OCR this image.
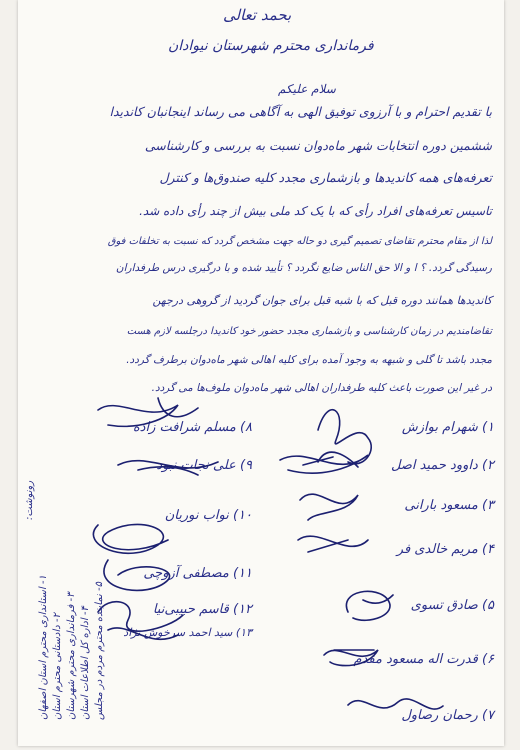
بحمد تعالی
فرمانداری محترم شهرستان نیوادان
سلام علیکم
با تقدیم احترام و با آرزوی توفیق الهی به آگاهی می رساند اینجانبان کاندیدا
ششمین دوره انتخابات شهر ماه‌دوان نسبت به بررسی و کارشناسی
تعرفه‌های همه کاندیدها و بازشماری مجدد کلیه صندوق‌ها و کنترل
تاسیس تعرفه‌های افراد رأی که با یک کد ملی بیش از چند رأی داده شد.
لذا از مقام محترم تقاضای تصمیم گیری دو حاله جهت مشخص گردد که نسبت به تخلفات فوق
رسیدگی گردد. ؟ ا و الا حق الناس ضایع نگردد ؟ تأیید شده و با درگیری درس طرفداران
کاندیدها همانند دوره قبل که با شبه قبل برای جوان گردید از گروهی درجهن
تقاضامندیم در زمان کارشناسی و بازشماری مجدد حضور خود کاندیدا درجلسه لازم هست
مجدد باشد تا گلی و شبهه به وجود آمده برای کلیه اهالی شهر ماه‌دوان برطرف گردد.
در غیر این صورت باعث کلیه طرفداران اهالی شهر ماه‌دوان ملوف‌ها می گردد.
۱) شهرام بوازش
۲) داوود حمید اصل
۳) مسعود بارانی
۴) مریم خالدی فر
۵) صادق تسوی
۶) قدرت اله مسعود مقدم
۷) رحمان رصاول
۸) مسلم شرافت زاده
۹) علی نجات نبود
۱۰) نواب نوریان
۱۱) مصطفی آزوچی
۱۲) قاسم حبیبی‌نیا
۱۳) سید احمد سرخوش نژاد
رونوشت:
۱- استانداری محترم استان اصفهان
۲- دادستانی محترم استان ۳- فرمانداری محترم شهرستان
۴- اداره کل اطلاعات استان ۵- نماینده محترم مردم در مجلس
